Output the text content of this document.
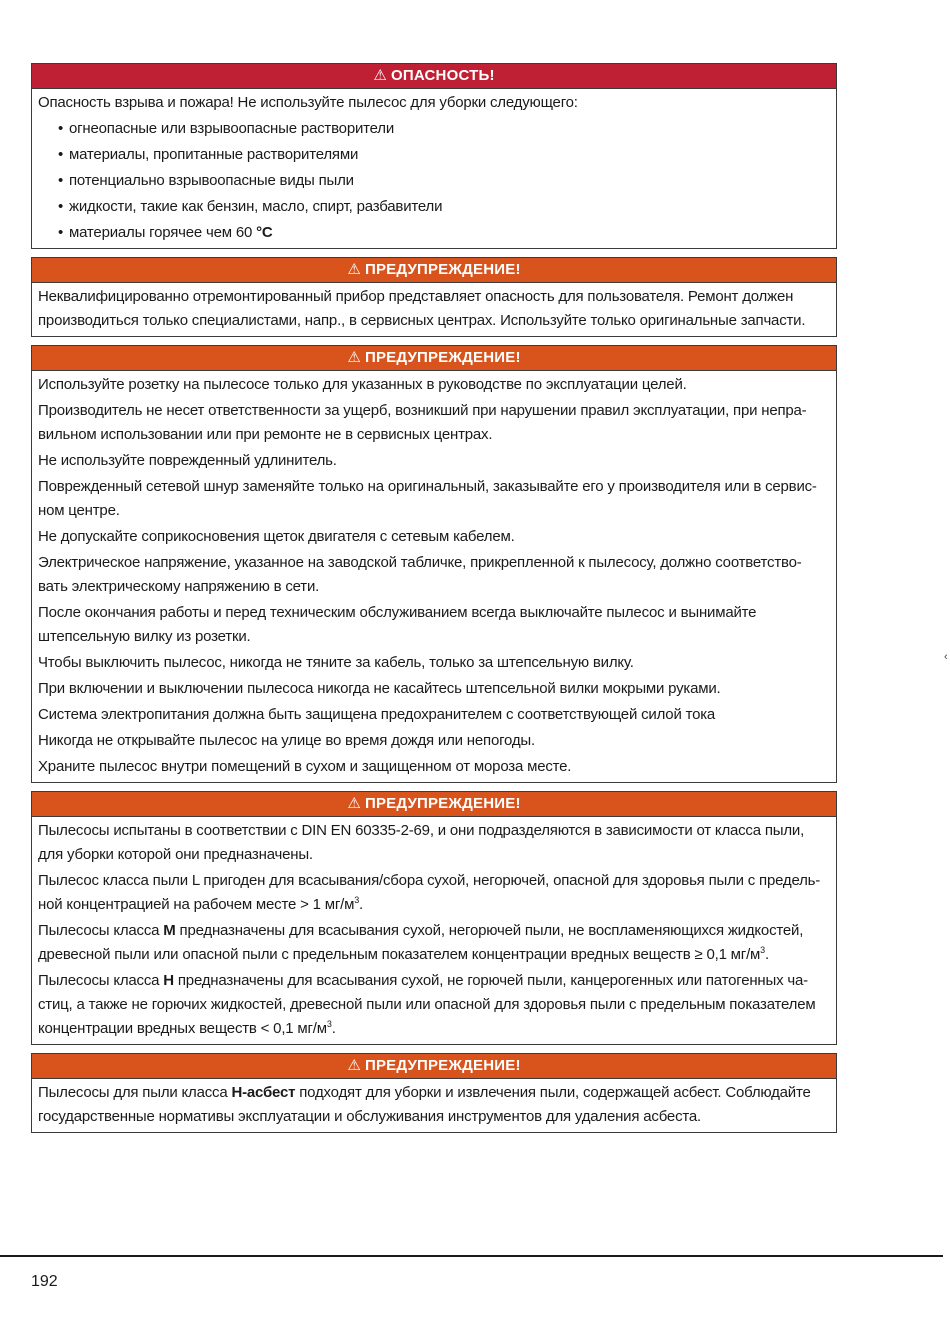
⚠ ОПАСНОСТЬ!

Опасность взрыва и пожара! Не используйте пылесос для уборки следующего:

• огнеопасные или взрывоопасные растворители
• материалы, пропитанные растворителями
• потенциально взрывоопасные виды пыли
• жидкости, такие как бензин, масло, спирт, разбавители
• материалы горячее чем 60 °C
⚠ ПРЕДУПРЕЖДЕНИЕ!

Неквалифицированно отремонтированный прибор представляет опасность для пользователя. Ремонт должен производиться только специалистами, напр., в сервисных центрах. Используйте только оригинальные запчасти.

⚠ ПРЕДУПРЕЖДЕНИЕ!

Используйте розетку на пылесосе только для указанных в руководстве по эксплуатации целей.

Производитель не несет ответственности за ущерб, возникший при нарушении правил эксплуатации, при непра-вильном использовании или при ремонте не в сервисных центрах.

Не используйте поврежденный удлинитель.

Поврежденный сетевой шнур заменяйте только на оригинальный, заказывайте его у производителя или в сервис-ном центре.

Не допускайте соприкосновения щеток двигателя с сетевым кабелем.

Электрическое напряжение, указанное на заводской табличке, прикрепленной к пылесосу, должно соответство-вать электрическому напряжению в сети.

После окончания работы и перед техническим обслуживанием всегда выключайте пылесос и вынимайте штепсельную вилку из розетки.

Чтобы выключить пылесос, никогда не тяните за кабель, только за штепсельную вилку.

При включении и выключении пылесоса никогда не касайтесь штепсельной вилки мокрыми руками.

Система электропитания должна быть защищена предохранителем с соответствующей силой тока

Никогда не открывайте пылесос на улице во время дождя или непогоды.

Храните пылесос внутри помещений в сухом и защищенном от мороза месте.

⚠ ПРЕДУПРЕЖДЕНИЕ!

Пылесосы испытаны в соответствии с DIN EN 60335-2-69, и они подразделяются в зависимости от класса пыли, для уборки которой они предназначены.

Пылесос класса пыли L пригоден для всасывания/сбора сухой, негорючей, опасной для здоровья пыли с предель-ной концентрацией на рабочем месте > 1 $мг/м^3$.

Пылесосы класса M предназначены для всасывания сухой, негорючей пыли, не воспламеняющихся жидкостей, древесной пыли или опасной пыли с предельным показателем концентрации вредных веществ ≥ 0,1 $мг/м^3$.

Пылесосы класса H предназначены для всасывания сухой, не горючей пыли, канцерогенных или патогенных ча-стиц, а также не горючих жидкостей, древесной пыли или опасной для здоровья пыли с предельным показателем концентрации вредных веществ < 0,1 $мг/м^3$.

⚠ ПРЕДУПРЕЖДЕНИЕ!

Пылесосы для пыли класса H-асбест подходят для уборки и извлечения пыли, содержащей асбест. Соблюдайте государственные нормативы эксплуатации и обслуживания инструментов для удаления асбеста.

‹
192
